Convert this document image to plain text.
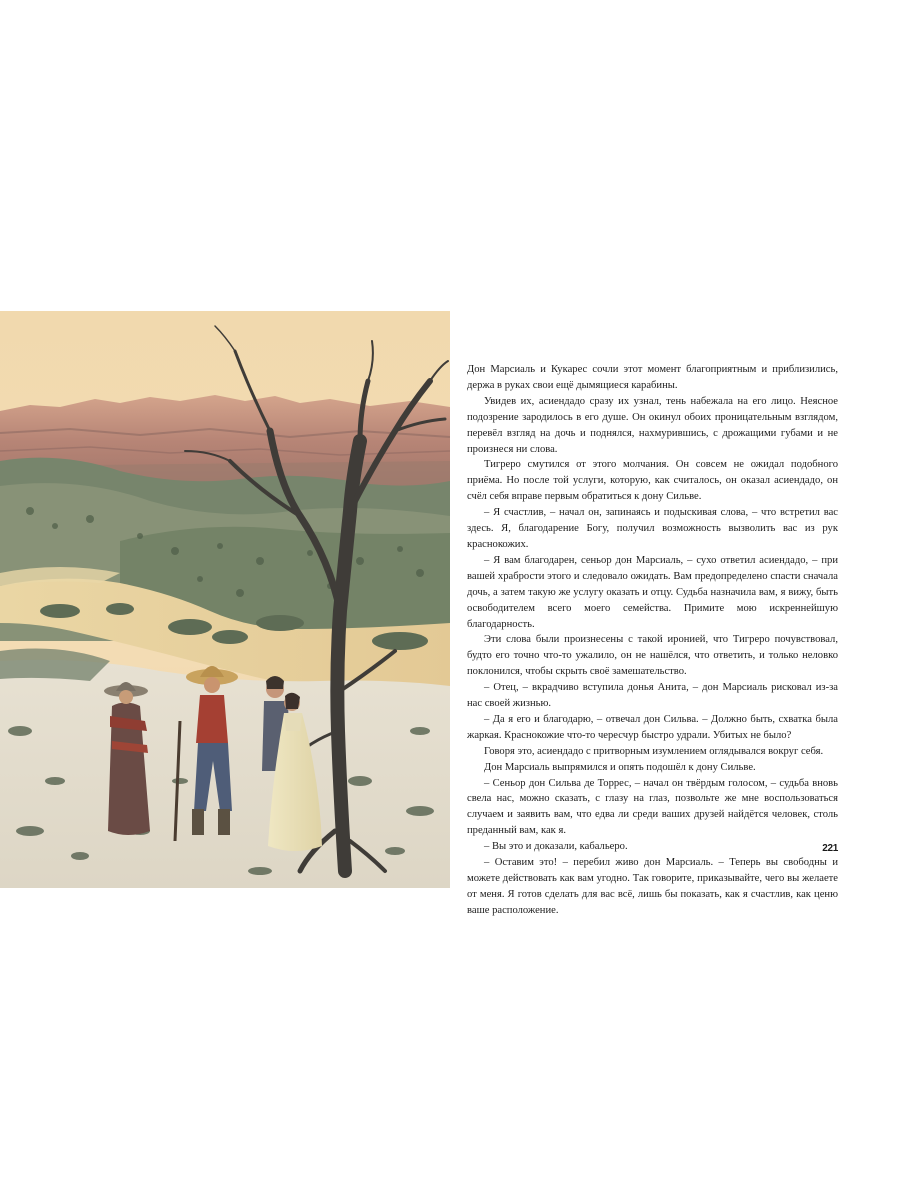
Дон Марсиаль и Кукарес сочли этот момент благоприятным и приблизились, держа в руках свои ещё дымящиеся карабины.

Увидев их, асиендадо сразу их узнал, тень набежала на его лицо. Неясное подозрение зародилось в его душе. Он окинул обоих проницательным взглядом, перевёл взгляд на дочь и поднялся, нахмурившись, с дрожащими губами и не произнеся ни слова.

Тигреро смутился от этого молчания. Он совсем не ожидал подобного приёма. Но после той услуги, которую, как считалось, он оказал асиендадо, он счёл себя вправе первым обратиться к дону Сильве.

– Я счастлив, – начал он, запинаясь и подыскивая слова, – что встретил вас здесь. Я, благодарение Богу, получил возможность вызволить вас из рук краснокожих.

– Я вам благодарен, сеньор дон Марсиаль, – сухо ответил асиендадо, – при вашей храбрости этого и следовало ожидать. Вам предопределено спасти сначала дочь, а затем такую же услугу оказать и отцу. Судьба назначила вам, я вижу, быть освободителем всего моего семейства. Примите мою искреннейшую благодарность.

Эти слова были произнесены с такой иронией, что Тигреро почувствовал, будто его точно что-то ужалило, он не нашёлся, что ответить, и только неловко поклонился, чтобы скрыть своё замешательство.

– Отец, – вкрадчиво вступила донья Анита, – дон Марсиаль рисковал из-за нас своей жизнью.

– Да я его и благодарю, – отвечал дон Сильва. – Должно быть, схватка была жаркая. Краснокожие что-то чересчур быстро удрали. Убитых не было?

Говоря это, асиендадо с притворным изумлением оглядывался вокруг себя.

Дон Марсиаль выпрямился и опять подошёл к дону Сильве.

– Сеньор дон Сильва де Торрес, – начал он твёрдым голосом, – судьба вновь свела нас, можно сказать, с глазу на глаз, позвольте же мне воспользоваться случаем и заявить вам, что едва ли среди ваших друзей найдётся человек, столь преданный вам, как я.

– Вы это и доказали, кабальеро.

– Оставим это! – перебил живо дон Марсиаль. – Теперь вы свободны и можете действовать как вам угодно. Так говорите, приказывайте, чего вы желаете от меня. Я готов сделать для вас всё, лишь бы показать, как я счастлив, как ценю ваше расположение.

221
